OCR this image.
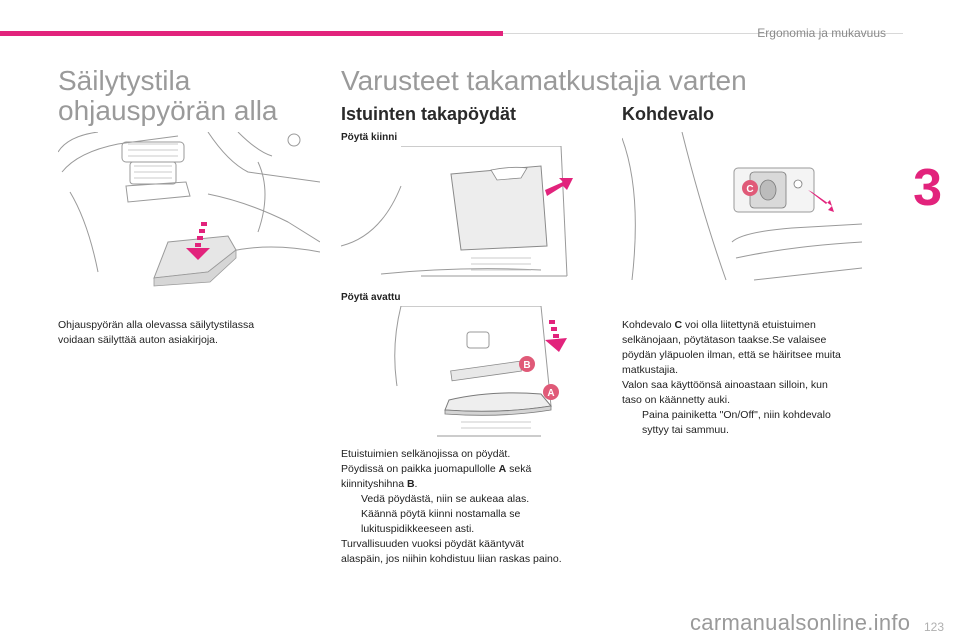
Ergonomia ja mukavuus
3
Säilytystila
ohjauspyörän alla

Ohjauspyörän alla olevassa säilytystilassa
voidaan säilyttää auton asiakirjoja.

Varusteet takamatkustajia varten
Istuinten takapöydät
Pöytä kiinni
Pöytä avattu
B
A

Etuistuimien selkänojissa on pöydät.
Pöydissä on paikka juomapullolle A sekä
kiinnityshihna B.
Vedä pöydästä, niin se aukeaa alas.
Käännä pöytä kiinni nostamalla se
lukituspidikkeeseen asti.
Turvallisuuden vuoksi pöydät kääntyvät
alaspäin, jos niihin kohdistuu liian raskas paino.

Kohdevalo
C

Kohdevalo C voi olla liitettynä etuistuimen
selkänojaan, pöytätason taakse.Se valaisee
pöydän yläpuolen ilman, että se häiritsee muita
matkustajia.
Valon saa käyttöönsä ainoastaan silloin, kun
taso on käännetty auki.
Paina painiketta "On/Off", niin kohdevalo
syttyy tai sammuu.

carmanualsonline.info 123
